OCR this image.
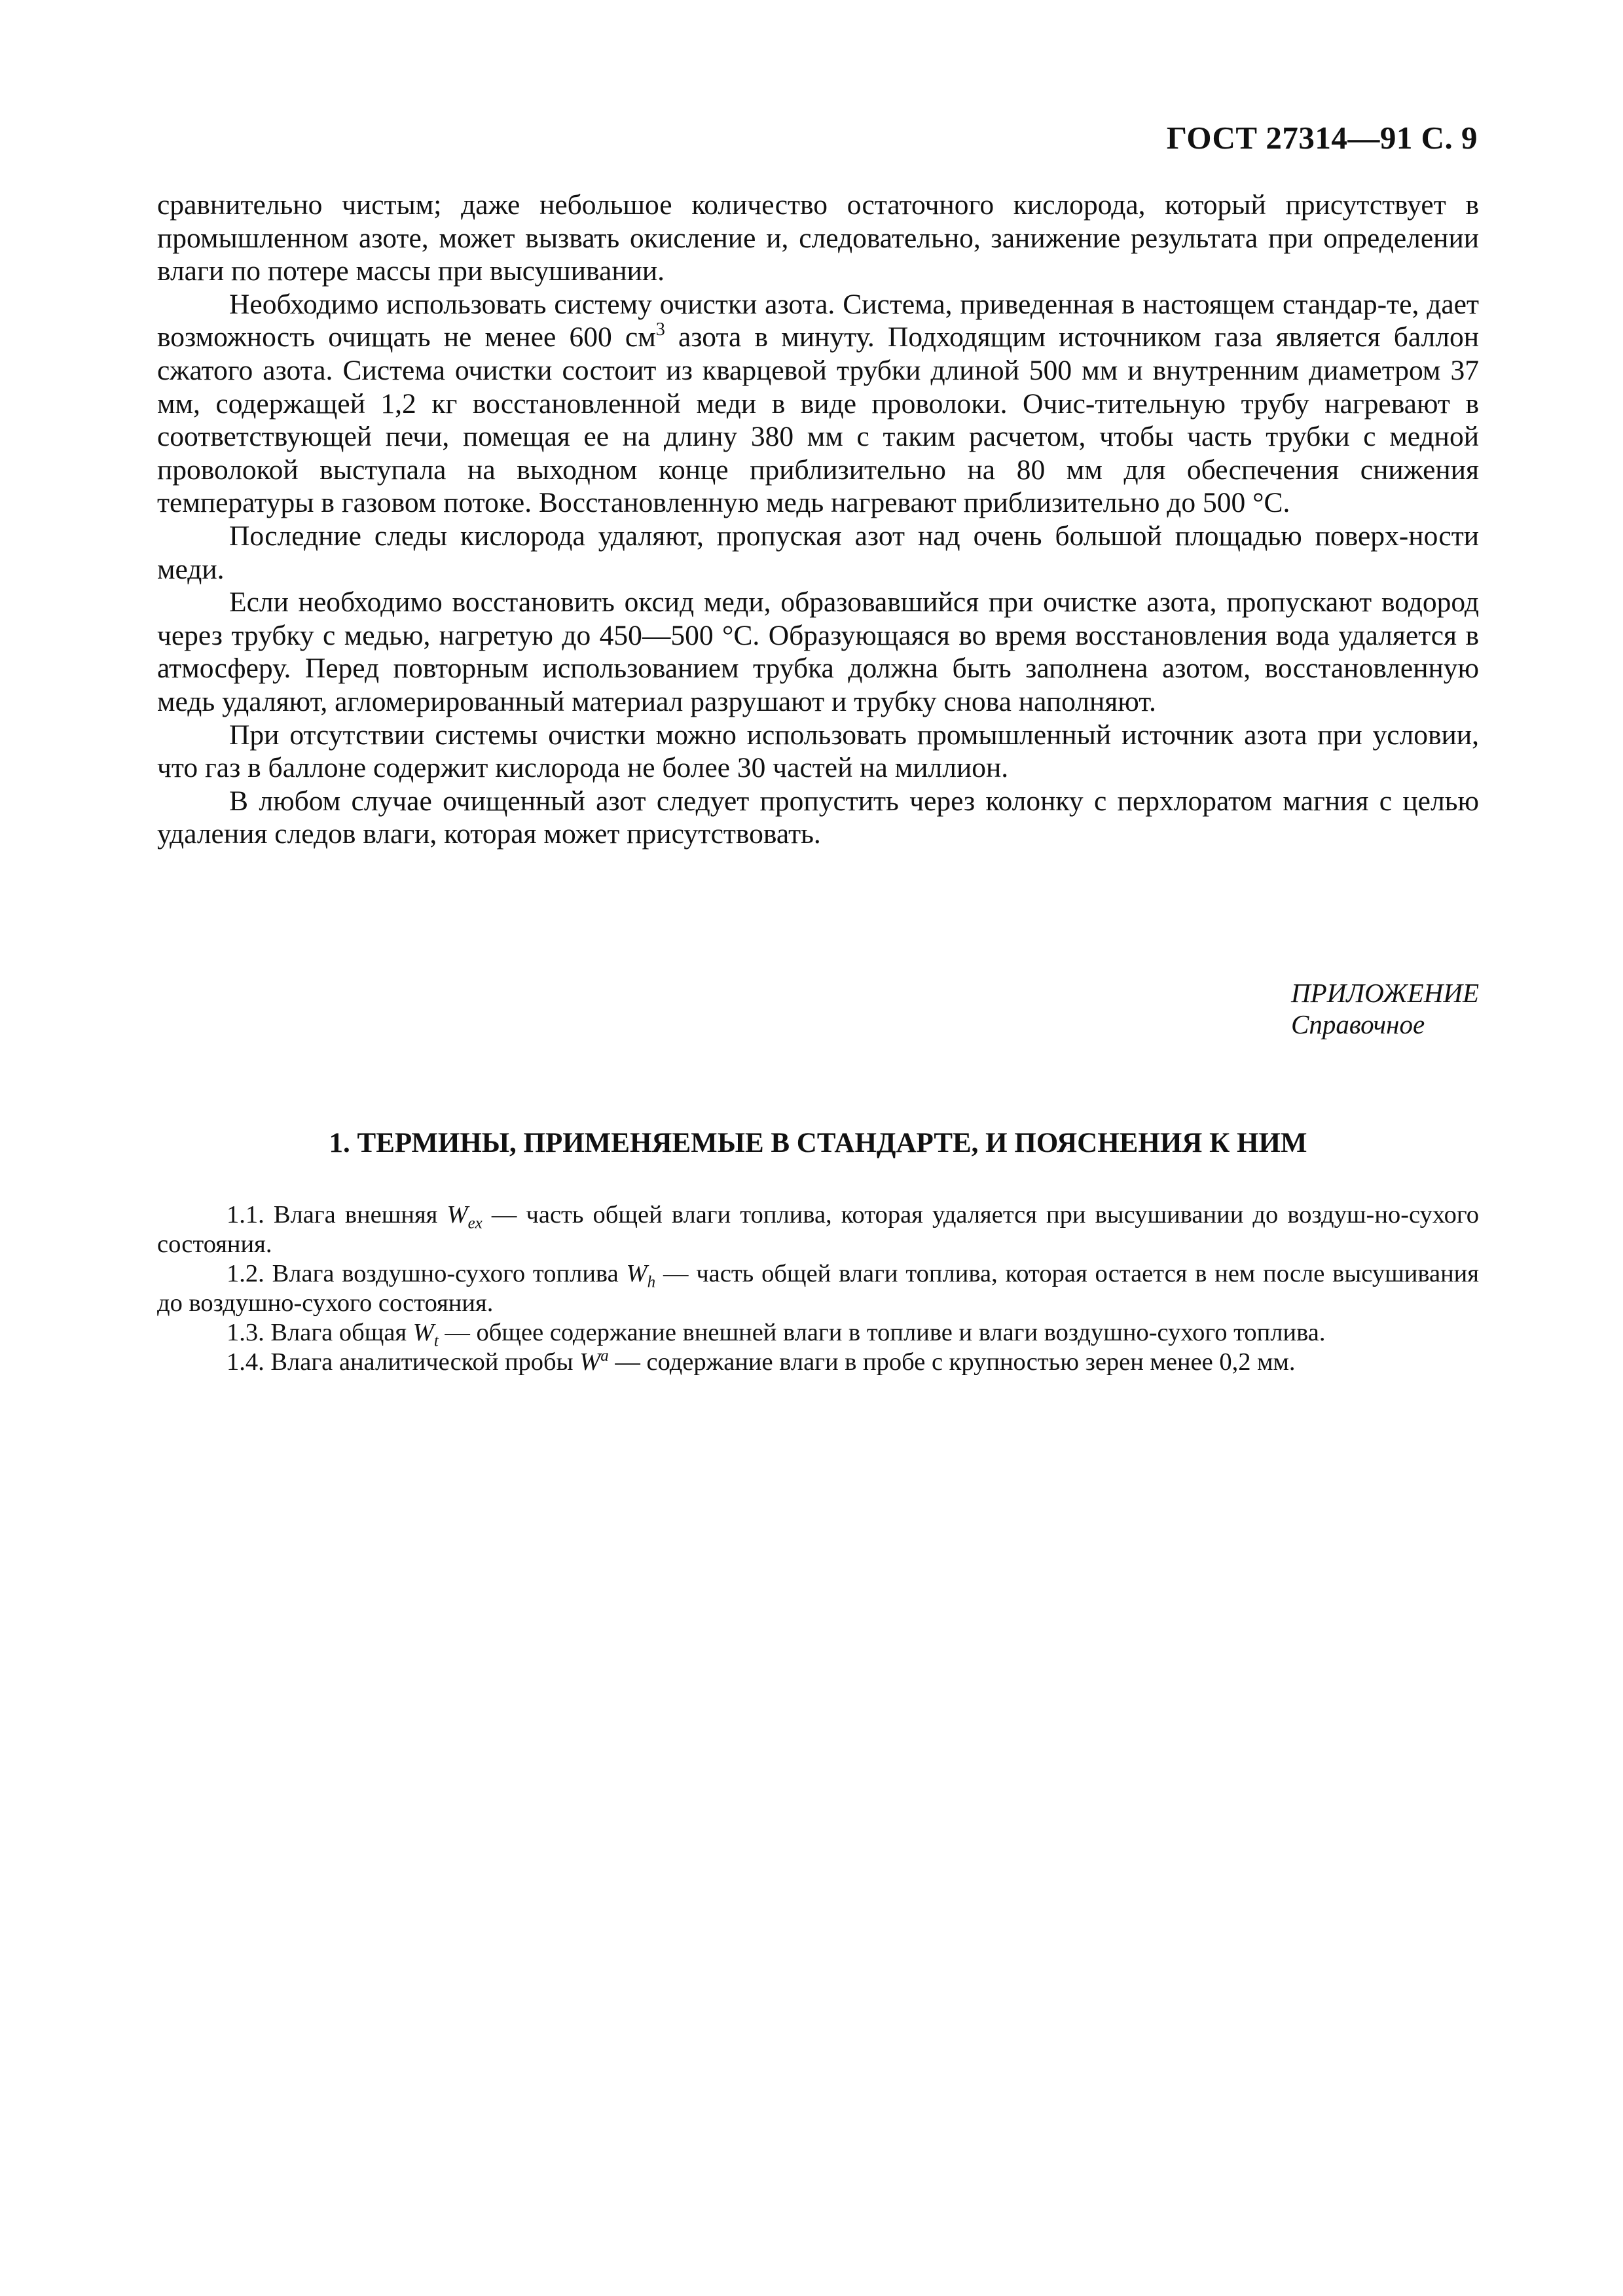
ГОСТ 27314—91 С. 9

сравнительно чистым; даже небольшое количество остаточного кислорода, который присутствует в промышленном азоте, может вызвать окисление и, следовательно, занижение результата при определении влаги по потере массы при высушивании.

Необходимо использовать систему очистки азота. Система, приведенная в настоящем стандар-те, дает возможность очищать не менее 600 $см^3$ азота в минуту. Подходящим источником газа является баллон сжатого азота. Система очистки состоит из кварцевой трубки длиной 500 мм и внутренним диаметром 37 мм, содержащей 1,2 кг восстановленной меди в виде проволоки. Очис-тительную трубу нагревают в соответствующей печи, помещая ее на длину 380 мм с таким расчетом, чтобы часть трубки с медной проволокой выступала на выходном конце приблизительно на 80 мм для обеспечения снижения температуры в газовом потоке. Восстановленную медь нагревают приблизительно до 500 °С.

Последние следы кислорода удаляют, пропуская азот над очень большой площадью поверх-ности меди.

Если необходимо восстановить оксид меди, образовавшийся при очистке азота, пропускают водород через трубку с медью, нагретую до 450—500 °С. Образующаяся во время восстановления вода удаляется в атмосферу. Перед повторным использованием трубка должна быть заполнена азотом, восстановленную медь удаляют, агломерированный материал разрушают и трубку снова наполняют.

При отсутствии системы очистки можно использовать промышленный источник азота при условии, что газ в баллоне содержит кислорода не более 30 частей на миллион.

В любом случае очищенный азот следует пропустить через колонку с перхлоратом магния с целью удаления следов влаги, которая может присутствовать.

ПРИЛОЖЕНИЕ
Справочное
1. ТЕРМИНЫ, ПРИМЕНЯЕМЫЕ В СТАНДАРТЕ, И ПОЯСНЕНИЯ К НИМ

1.1. Влага внешняя $W_{ex}$ — часть общей влаги топлива, которая удаляется при высушивании до воздуш-но-сухого состояния.

1.2. Влага воздушно-сухого топлива $W_h$ — часть общей влаги топлива, которая остается в нем после высушивания до воздушно-сухого состояния.

1.3. Влага общая $W_t$ — общее содержание внешней влаги в топливе и влаги воздушно-сухого топлива.

1.4. Влага аналитической пробы $W^a$ — содержание влаги в пробе с крупностью зерен менее 0,2 мм.
